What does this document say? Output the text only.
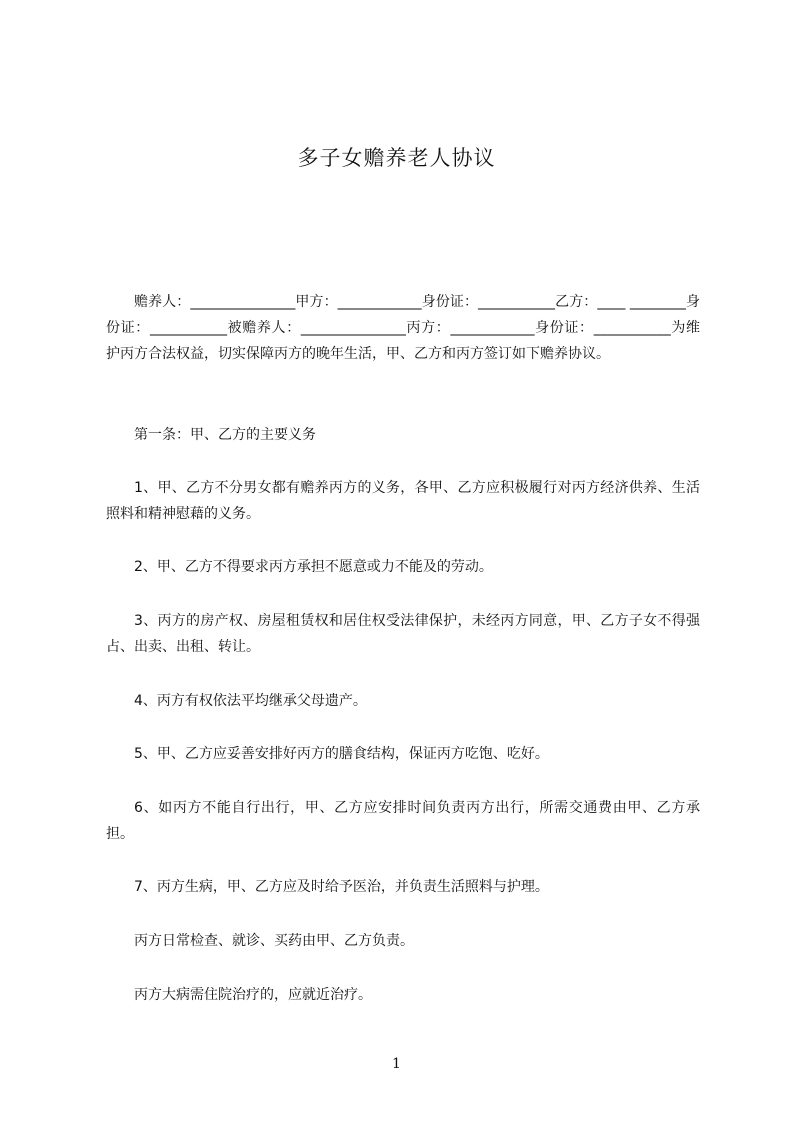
多子女赡养老人协议
赡养人：_______________甲方：____________身份证：___________乙方：____ ________身份证：___________被赡养人：_______________丙方：____________身份证：___________为维护丙方合法权益，切实保障丙方的晚年生活，甲、乙方和丙方签订如下赡养协议。
第一条：甲、乙方的主要义务
1、甲、乙方不分男女都有赡养丙方的义务，各甲、乙方应积极履行对丙方经济供养、生活照料和精神慰藉的义务。
2、甲、乙方不得要求丙方承担不愿意或力不能及的劳动。
3、丙方的房产权、房屋租赁权和居住权受法律保护，未经丙方同意，甲、乙方子女不得强占、出卖、出租、转让。
4、丙方有权依法平均继承父母遗产。
5、甲、乙方应妥善安排好丙方的膳食结构，保证丙方吃饱、吃好。
6、如丙方不能自行出行，甲、乙方应安排时间负责丙方出行，所需交通费由甲、乙方承担。
7、丙方生病，甲、乙方应及时给予医治，并负责生活照料与护理。
丙方日常检查、就诊、买药由甲、乙方负责。
丙方大病需住院治疗的，应就近治疗。
1
